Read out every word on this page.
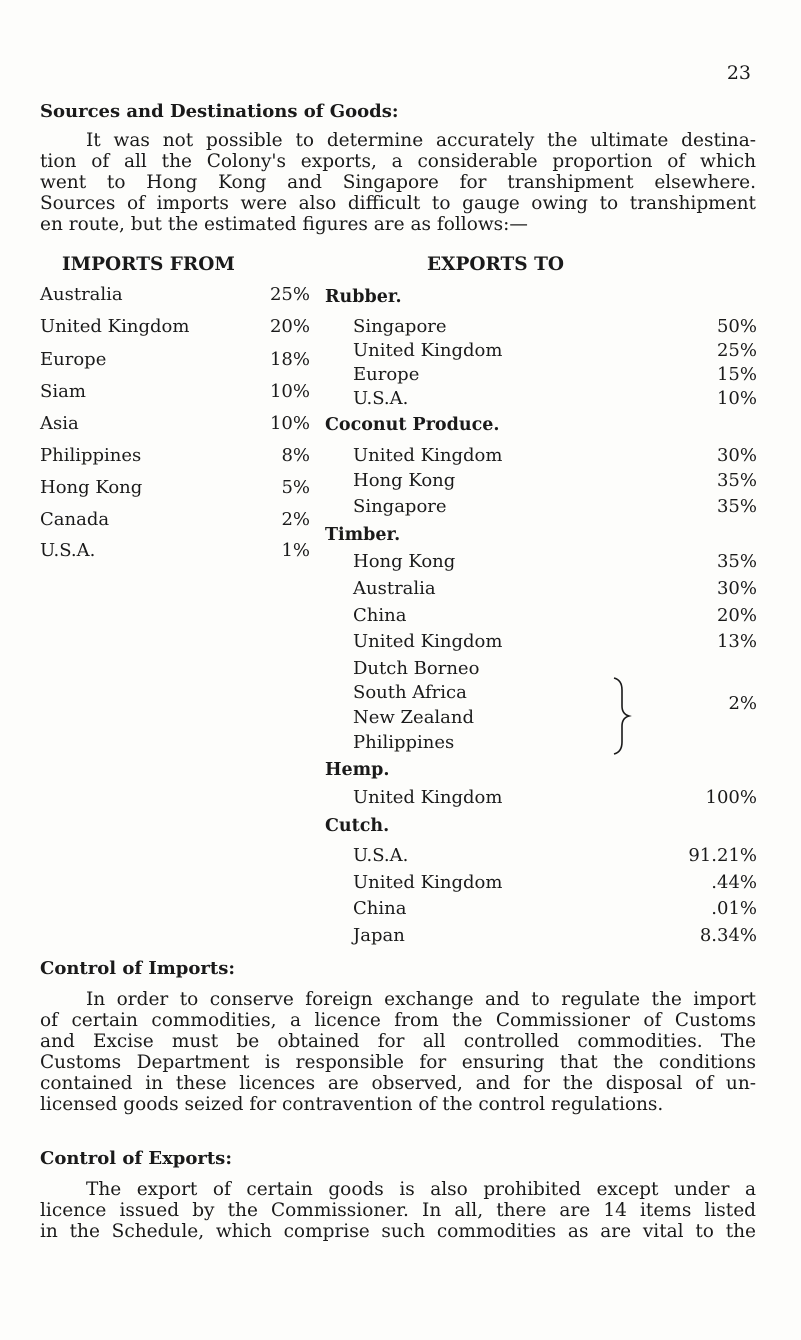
23
Sources and Destinations of Goods:
It was not possible to determine accurately the ultimate destina-
tion of all the Colony's exports, a considerable proportion of which
went to Hong Kong and Singapore for transhipment elsewhere.
Sources of imports were also difficult to gauge owing to transhipment
en route, but the estimated figures are as follows:—
IMPORTS FROM	EXPORTS TO
Australia	25%
United Kingdom	20%
Europe	18%
Siam	10%
Asia	10%
Philippines	8%
Hong Kong	5%
Canada	2%
U.S.A.	1%
Rubber.
Singapore	50%
United Kingdom	25%
Europe	15%
U.S.A.	10%
Coconut Produce.
United Kingdom	30%
Hong Kong	35%
Singapore	35%
Timber.
Hong Kong	35%
Australia	30%
China	20%
United Kingdom	13%
Dutch Borneo
South Africa
New Zealand
Philippines
2%
Hemp.
United Kingdom	100%
Cutch.
U.S.A.	91.21%
United Kingdom	.44%
China	.01%
Japan	8.34%
Control of Imports:
In order to conserve foreign exchange and to regulate the import
of certain commodities, a licence from the Commissioner of Customs
and Excise must be obtained for all controlled commodities. The
Customs Department is responsible for ensuring that the conditions
contained in these licences are observed, and for the disposal of un-
licensed goods seized for contravention of the control regulations.
Control of Exports:
The export of certain goods is also prohibited except under a
licence issued by the Commissioner. In all, there are 14 items listed
in the Schedule, which comprise such commodities as are vital to the
